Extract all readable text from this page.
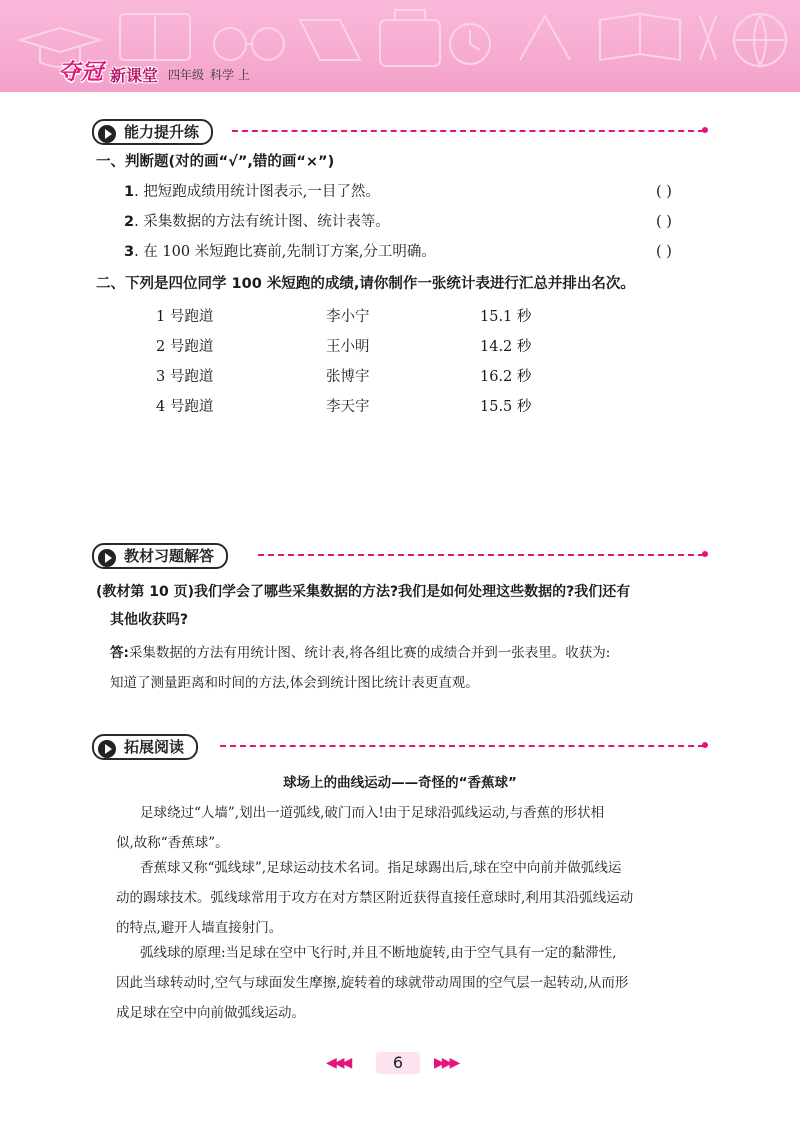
夺冠 新课堂 四年级 科学 上
能力提升练
一、判断题(对的画“√”,错的画“×”)
1. 把短跑成绩用统计图表示,一目了然。	( )
2. 采集数据的方法有统计图、统计表等。	( )
3. 在 100 米短跑比赛前,先制订方案,分工明确。	( )
二、下列是四位同学 100 米短跑的成绩,请你制作一张统计表进行汇总并排出名次。
1 号跑道	李小宁	15.1 秒
2 号跑道	王小明	14.2 秒
3 号跑道	张博宇	16.2 秒
4 号跑道	李天宇	15.5 秒
教材习题解答
(教材第 10 页)我们学会了哪些采集数据的方法?我们是如何处理这些数据的?我们还有
其他收获吗?
答:采集数据的方法有用统计图、统计表,将各组比赛的成绩合并到一张表里。收获为:
知道了测量距离和时间的方法,体会到统计图比统计表更直观。
拓展阅读
球场上的曲线运动——奇怪的“香蕉球”
足球绕过“人墙”,划出一道弧线,破门而入!由于足球沿弧线运动,与香蕉的形状相
似,故称“香蕉球”。
香蕉球又称“弧线球”,足球运动技术名词。指足球踢出后,球在空中向前并做弧线运
动的踢球技术。弧线球常用于攻方在对方禁区附近获得直接任意球时,利用其沿弧线运动
的特点,避开人墙直接射门。
弧线球的原理:当足球在空中飞行时,并且不断地旋转,由于空气具有一定的黏滞性,
因此当球转动时,空气与球面发生摩擦,旋转着的球就带动周围的空气层一起转动,从而形
成足球在空中向前做弧线运动。
◀◀◀	6	▶▶▶
